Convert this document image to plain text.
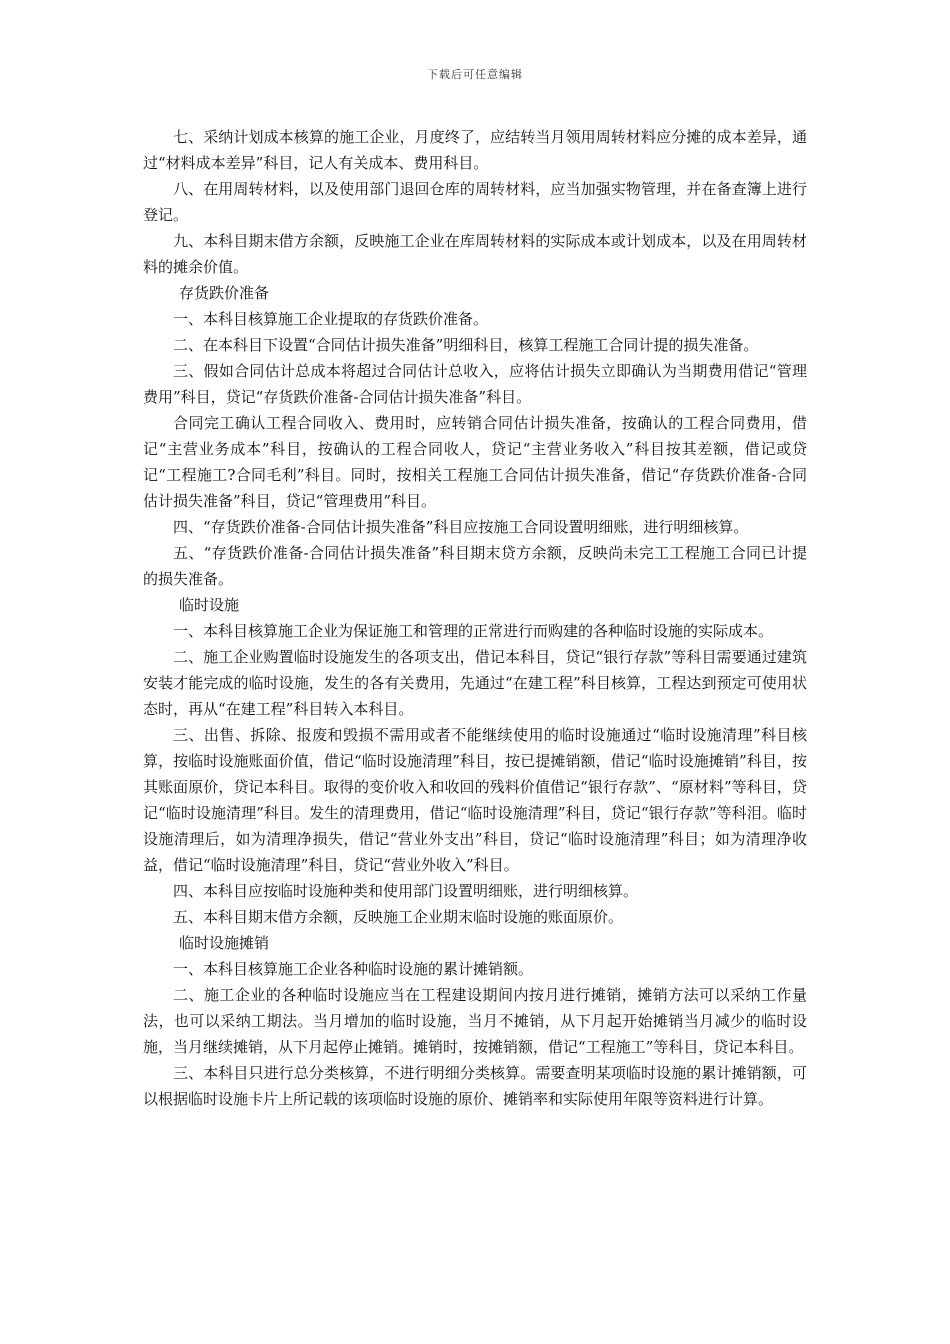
下载后可任意编辑

七、采纳计划成本核算的施工企业，月度终了，应结转当月领用周转材料应分摊的成本差异，通过“材料成本差异”科目，记人有关成本、费用科目。

八、在用周转材料，以及使用部门退回仓库的周转材料，应当加强实物管理，并在备查簿上进行登记。

九、本科目期末借方余额，反映施工企业在库周转材料的实际成本或计划成本，以及在用周转材料的摊余价值。

存货跌价准备

一、本科目核算施工企业提取的存货跌价准备。

二、在本科目下设置“合同估计损失准备”明细科目，核算工程施工合同计提的损失准备。

三、假如合同估计总成本将超过合同估计总收入，应将估计损失立即确认为当期费用借记“管理费用”科目，贷记“存货跌价准备-合同估计损失准备”科目。

合同完工确认工程合同收入、费用时，应转销合同估计损失准备，按确认的工程合同费用，借记“主营业务成本”科目，按确认的工程合同收人，贷记“主营业务收入”科目按其差额，借记或贷记“工程施工?合同毛利”科目。同时，按相关工程施工合同估计损失准备，借记“存货跌价准备-合同估计损失准备”科目，贷记“管理费用”科目。

四、“存货跌价准备-合同估计损失准备”科目应按施工合同设置明细账，进行明细核算。

五、“存货跌价准备-合同估计损失准备”科目期末贷方余额，反映尚未完工工程施工合同已计提的损失准备。

临时设施

一、本科目核算施工企业为保证施工和管理的正常进行而购建的各种临时设施的实际成本。

二、施工企业购置临时设施发生的各项支出，借记本科目，贷记“银行存款”等科目需要通过建筑安装才能完成的临时设施，发生的各有关费用，先通过“在建工程”科目核算，工程达到预定可使用状态时，再从“在建工程”科目转入本科目。

三、出售、拆除、报废和毁损不需用或者不能继续使用的临时设施通过“临时设施清理”科目核算，按临时设施账面价值，借记“临时设施清理”科目，按已提摊销额，借记“临时设施摊销”科目，按其账面原价，贷记本科目。取得的变价收入和收回的残料价值借记“银行存款”、“原材料”等科目，贷记“临时设施清理”科目。发生的清理费用，借记“临时设施清理”科目，贷记“银行存款”等科泪。临时设施清理后，如为清理净损失，借记“营业外支出”科目，贷记“临时设施清理”科目；如为清理净收益，借记“临时设施清理”科目，贷记“营业外收入”科目。

四、本科目应按临时设施种类和使用部门设置明细账，进行明细核算。

五、本科目期末借方余额，反映施工企业期末临时设施的账面原价。

临时设施摊销

一、本科目核算施工企业各种临时设施的累计摊销额。

二、施工企业的各种临时设施应当在工程建设期间内按月进行摊销，摊销方法可以采纳工作量法，也可以采纳工期法。当月增加的临时设施，当月不摊销，从下月起开始摊销当月减少的临时设施，当月继续摊销，从下月起停止摊销。摊销时，按摊销额，借记“工程施工”等科目，贷记本科目。

三、本科目只进行总分类核算，不进行明细分类核算。需要查明某项临时设施的累计摊销额，可以根据临时设施卡片上所记载的该项临时设施的原价、摊销率和实际使用年限等资料进行计算。
